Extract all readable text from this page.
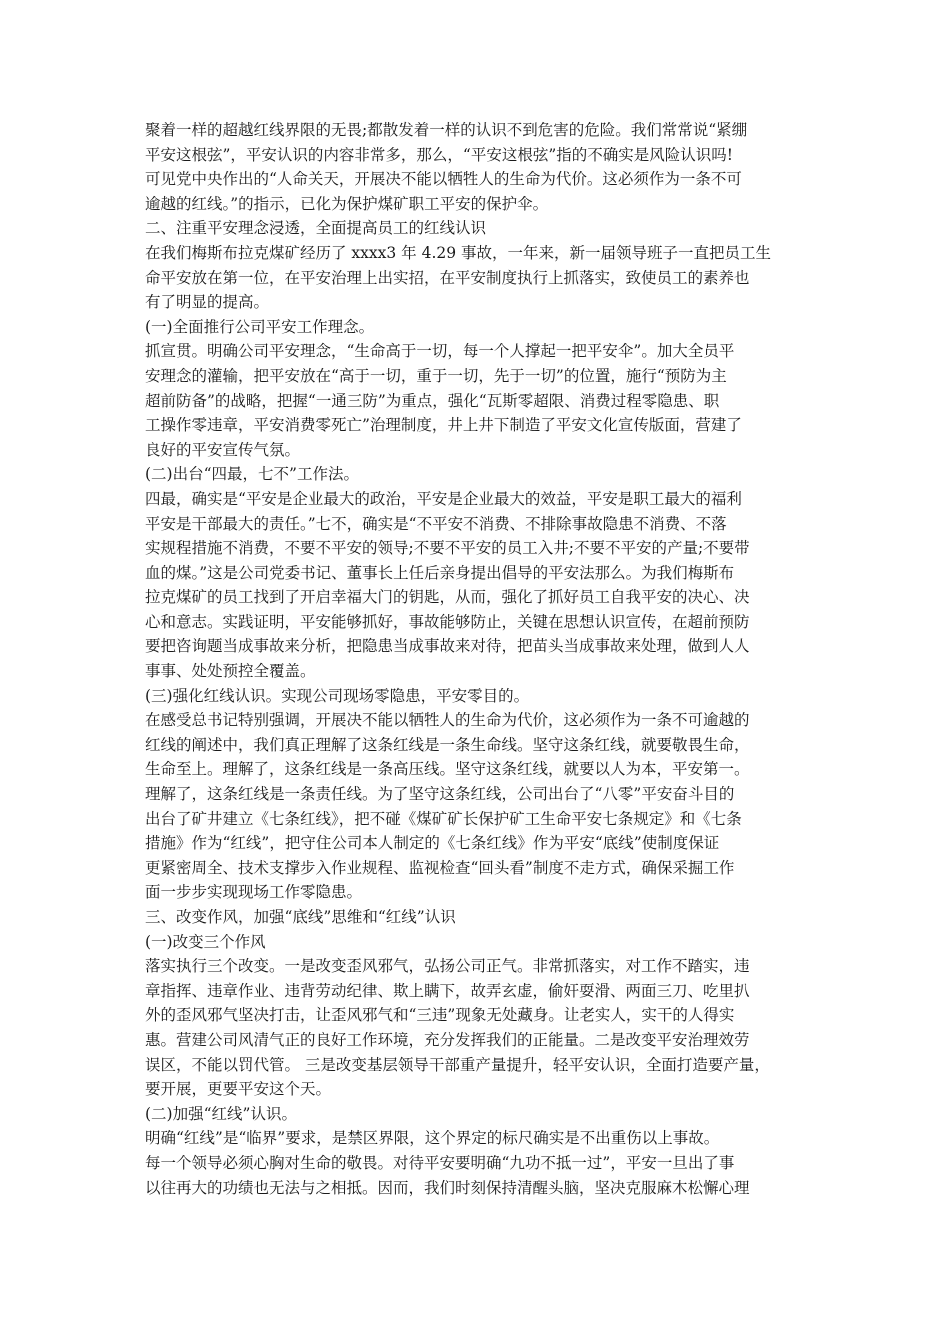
聚着一样的超越红线界限的无畏;都散发着一样的认识不到危害的危险。我们常常说“紧绷
平安这根弦”，平安认识的内容非常多，那么，“平安这根弦”指的不确实是风险认识吗!
可见党中央作出的“人命关天，开展决不能以牺牲人的生命为代价。这必须作为一条不可
逾越的红线。”的指示，已化为保护煤矿职工平安的保护伞。
二、注重平安理念浸透，全面提高员工的红线认识
在我们梅斯布拉克煤矿经历了 xxxx3 年 4.29 事故，一年来，新一届领导班子一直把员工生
命平安放在第一位，在平安治理上出实招，在平安制度执行上抓落实，致使员工的素养也
有了明显的提高。
(一)全面推行公司平安工作理念。
抓宣贯。明确公司平安理念，“生命高于一切，每一个人撑起一把平安伞”。加大全员平
安理念的灌输，把平安放在“高于一切，重于一切，先于一切”的位置，施行“预防为主
超前防备”的战略，把握“一通三防”为重点，强化“瓦斯零超限、消费过程零隐患、职
工操作零违章，平安消费零死亡”治理制度，井上井下制造了平安文化宣传版面，营建了
良好的平安宣传气氛。
(二)出台“四最，七不”工作法。
四最，确实是“平安是企业最大的政治，平安是企业最大的效益，平安是职工最大的福利
平安是干部最大的责任。”七不，确实是“不平安不消费、不排除事故隐患不消费、不落
实规程措施不消费，不要不平安的领导;不要不平安的员工入井;不要不平安的产量;不要带
血的煤。”这是公司党委书记、董事长上任后亲身提出倡导的平安法那么。为我们梅斯布
拉克煤矿的员工找到了开启幸福大门的钥匙，从而，强化了抓好员工自我平安的决心、决
心和意志。实践证明，平安能够抓好，事故能够防止，关键在思想认识宣传，在超前预防
要把咨询题当成事故来分析，把隐患当成事故来对待，把苗头当成事故来处理，做到人人
事事、处处预控全覆盖。
(三)强化红线认识。实现公司现场零隐患，平安零目的。
在感受总书记特别强调，开展决不能以牺牲人的生命为代价，这必须作为一条不可逾越的
红线的阐述中，我们真正理解了这条红线是一条生命线。坚守这条红线，就要敬畏生命，
生命至上。理解了，这条红线是一条高压线。坚守这条红线，就要以人为本，平安第一。
理解了，这条红线是一条责任线。为了坚守这条红线，公司出台了“八零”平安奋斗目的
出台了矿井建立《七条红线》，把不碰《煤矿矿长保护矿工生命平安七条规定》和《七条
措施》作为“红线”，把守住公司本人制定的《七条红线》作为平安“底线”使制度保证
更紧密周全、技术支撑步入作业规程、监视检查“回头看”制度不走方式，确保采掘工作
面一步步实现现场工作零隐患。
三、改变作风，加强“底线”思维和“红线”认识
(一)改变三个作风
落实执行三个改变。一是改变歪风邪气，弘扬公司正气。非常抓落实，对工作不踏实，违
章指挥、违章作业、违背劳动纪律、欺上瞒下，故弄玄虚，偷奸耍滑、两面三刀、吃里扒
外的歪风邪气坚决打击，让歪风邪气和“三违”现象无处藏身。让老实人，实干的人得实
惠。营建公司风清气正的良好工作环境，充分发挥我们的正能量。二是改变平安治理效劳
误区，不能以罚代管。 三是改变基层领导干部重产量提升，轻平安认识，全面打造要产量，
要开展，更要平安这个天。
(二)加强“红线”认识。
明确“红线”是“临界”要求，是禁区界限，这个界定的标尺确实是不出重伤以上事故。
每一个领导必须心胸对生命的敬畏。对待平安要明确“九功不抵一过”，平安一旦出了事
以往再大的功绩也无法与之相抵。因而，我们时刻保持清醒头脑，坚决克服麻木松懈心理
